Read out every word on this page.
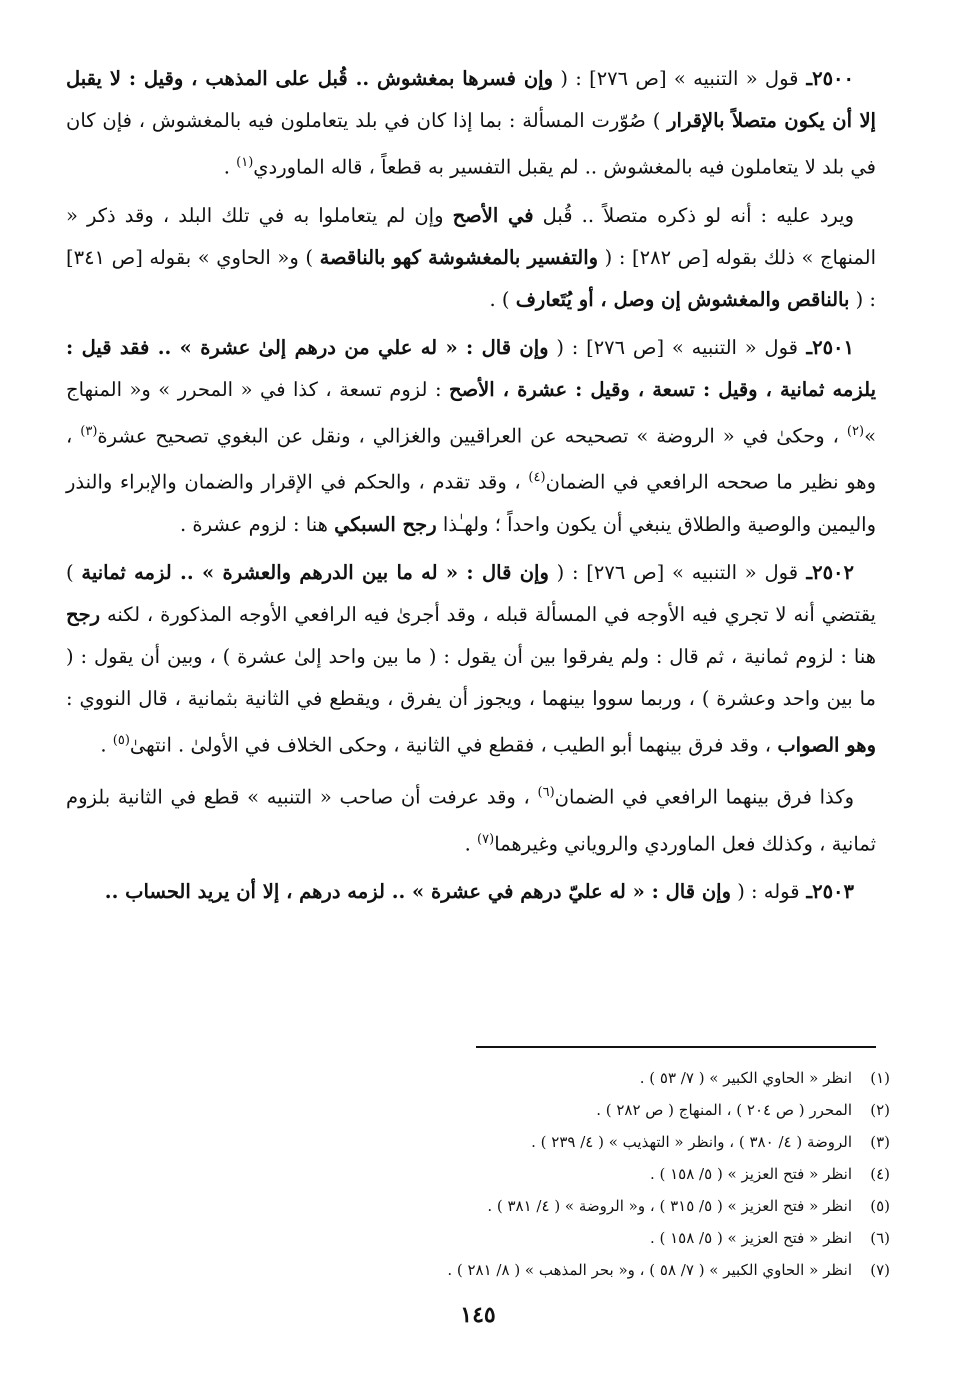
٢٥٠٠ـ قول « التنبيه » [ص ٢٧٦] : ( وإن فسرها بمغشوش .. قُبل على المذهب ، وقيل : لا يقبل إلا أن يكون متصلاً بالإقرار ) صُوّرت المسألة : بما إذا كان في بلد يتعاملون فيه بالمغشوش ، فإن كان في بلد لا يتعاملون فيه بالمغشوش .. لم يقبل التفسير به قطعاً ، قاله الماوردي$^{(١)}$ .

ويرد عليه : أنه لو ذكره متصلاً .. قُبل في الأصح وإن لم يتعاملوا به في تلك البلد ، وقد ذكر « المنهاج » ذلك بقوله [ص ٢٨٢] : ( والتفسير بالمغشوشة كهو بالناقصة ) و« الحاوي » بقوله [ص ٣٤١] : ( بالناقص والمغشوش إن وصل ، أو يُتَعارف ) .

٢٥٠١ـ قول « التنبيه » [ص ٢٧٦] : ( وإن قال : « له علي من درهم إلىٰ عشرة » .. فقد قيل : يلزمه ثمانية ، وقيل : تسعة ، وقيل : عشرة ، الأصح : لزوم تسعة ، كذا في « المحرر » و« المنهاج »$^{(٢)}$ ، وحكىٰ في « الروضة » تصحيحه عن العراقيين والغزالي ، ونقل عن البغوي تصحيح عشرة$^{(٣)}$ ، وهو نظير ما صححه الرافعي في الضمان$^{(٤)}$ ، وقد تقدم ، والحكم في الإقرار والضمان والإبراء والنذر واليمين والوصية والطلاق ينبغي أن يكون واحداً ؛ ولهـٰذا رجح السبكي هنا : لزوم عشرة .

٢٥٠٢ـ قول « التنبيه » [ص ٢٧٦] : ( وإن قال : « له ما بين الدرهم والعشرة » .. لزمه ثمانية ) يقتضي أنه لا تجري فيه الأوجه في المسألة قبله ، وقد أجرىٰ فيه الرافعي الأوجه المذكورة ، لكنه رجح هنا : لزوم ثمانية ، ثم قال : ولم يفرقوا بين أن يقول : ( ما بين واحد إلىٰ عشرة ) ، وبين أن يقول : ( ما بين واحد وعشرة ) ، وربما سووا بينهما ، ويجوز أن يفرق ، ويقطع في الثانية بثمانية ، قال النووي : وهو الصواب ، وقد فرق بينهما أبو الطيب ، فقطع في الثانية ، وحكى الخلاف في الأولىٰ . انتهىٰ$^{(٥)}$ .

وكذا فرق بينهما الرافعي في الضمان$^{(٦)}$ ، وقد عرفت أن صاحب « التنبيه » قطع في الثانية بلزوم ثمانية ، وكذلك فعل الماوردي والروياني وغيرهما$^{(٧)}$ .

٢٥٠٣ـ قوله : ( وإن قال : « له عليّ درهم في عشرة » .. لزمه درهم ، إلا أن يريد الحساب ..

(١)
انظر « الحاوي الكبير » ( ٧/ ٥٣ ) .
(٢)
المحرر ( ص ٢٠٤ ) ، المنهاج ( ص ٢٨٢ ) .
(٣)
الروضة ( ٤/ ٣٨٠ ) ، وانظر « التهذيب » ( ٤/ ٢٣٩ ) .
(٤)
انظر « فتح العزيز » ( ٥/ ١٥٨ ) .
(٥)
انظر « فتح العزيز » ( ٥/ ٣١٥ ) ، و« الروضة » ( ٤/ ٣٨١ ) .
(٦)
انظر « فتح العزيز » ( ٥/ ١٥٨ ) .
(٧)
انظر « الحاوي الكبير » ( ٧/ ٥٨ ) ، و« بحر المذهب » ( ٨/ ٢٨١ ) .
١٤٥
